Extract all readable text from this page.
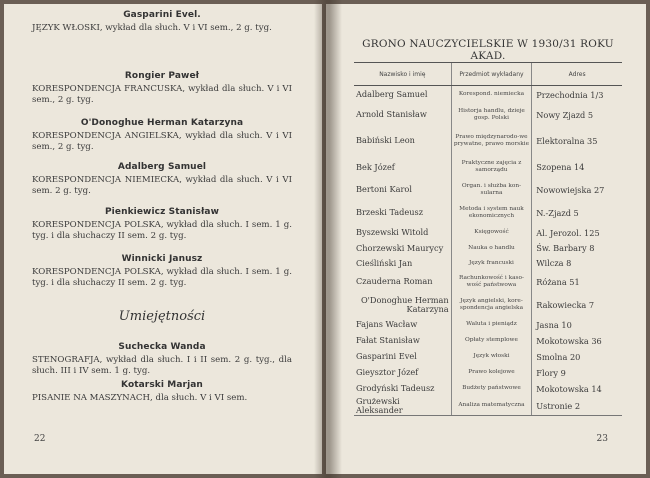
Gasparini Evel.
JĘZYK WŁOSKI, wykład dla słuch. V i VI sem., 2 g. tyg.
Rongier Paweł
KORESPONDENCJA FRANCUSKA, wykład dla słuch. V i VI sem., 2 g. tyg.
O'Donoghue Herman Katarzyna
KORESPONDENCJA ANGIELSKA, wykład dla słuch. V i VI sem., 2 g. tyg.
Adalberg Samuel
KORESPONDENCJA NIEMIECKA, wykład dla słuch. V i VI sem. 2 g. tyg.
Pienkiewicz Stanisław
KORESPONDENCJA POLSKA, wykład dla słuch. I sem. 1 g. tyg. i dla słuchaczy II sem. 2 g. tyg.
Winnicki Janusz
KORESPONDENCJA POLSKA, wykład dla słuch. I sem. 1 g. tyg. i dla słuchaczy II sem. 2 g. tyg.
Umiejętności
Suchecka Wanda
STENOGRAFJA, wykład dla słuch. I i II sem. 2 g. tyg., dla słuch. III i IV sem. 1 g. tyg.
Kotarski Marjan
PISANIE NA MASZYNACH, dla słuch. V i VI sem.
22
GRONO NAUCZYCIELSKIE W 1930/31 ROKU AKAD.
Nazwisko i imię	Przedmiot wykładany	Adres
Adalberg Samuel	Korespond. niemiecka	Przechodnia 1/3
Arnold Stanisław	Historja handlu, dzieje gosp. Polski	Nowy Zjazd 5
Babiński Leon	Prawo międzynarodo-we prywatne, prawo morskie	Elektoralna 35
Bek Józef	Praktyczne zajęcia z samorządu	Szopena 14
Bertoni Karol	Organ. i służba kon-sularna	Nowowiejska 27
Brzeski Tadeusz	Metoda i system nauk ekonomicznych	N.-Zjazd 5
Byszewski Witold	Księgowość	Al. Jerozol. 125
Chorzewski Maurycy	Nauka o handlu	Św. Barbary 8
Cieśliński Jan	Język francuski	Wilcza 8
Czauderna Roman	Rachunkowość i kaso-wość państwowa	Różana 51
O'Donoghue Herman Katarzyna	Język angielski, kore-spondencja angielska	Rakowiecka 7
Fajans Wacław	Waluta i pieniądz	Jasna 10
Fałat Stanisław	Opłaty stemplowe	Mokotowska 36
Gasparini Evel	Język włoski	Smolna 20
Gieysztor Józef	Prawo kolejowe	Flory 9
Grodyński Tadeusz	Budżety państwowe	Mokotowska 14
Grużewski Aleksander	Analiza matematyczna	Ustronie 2
23
